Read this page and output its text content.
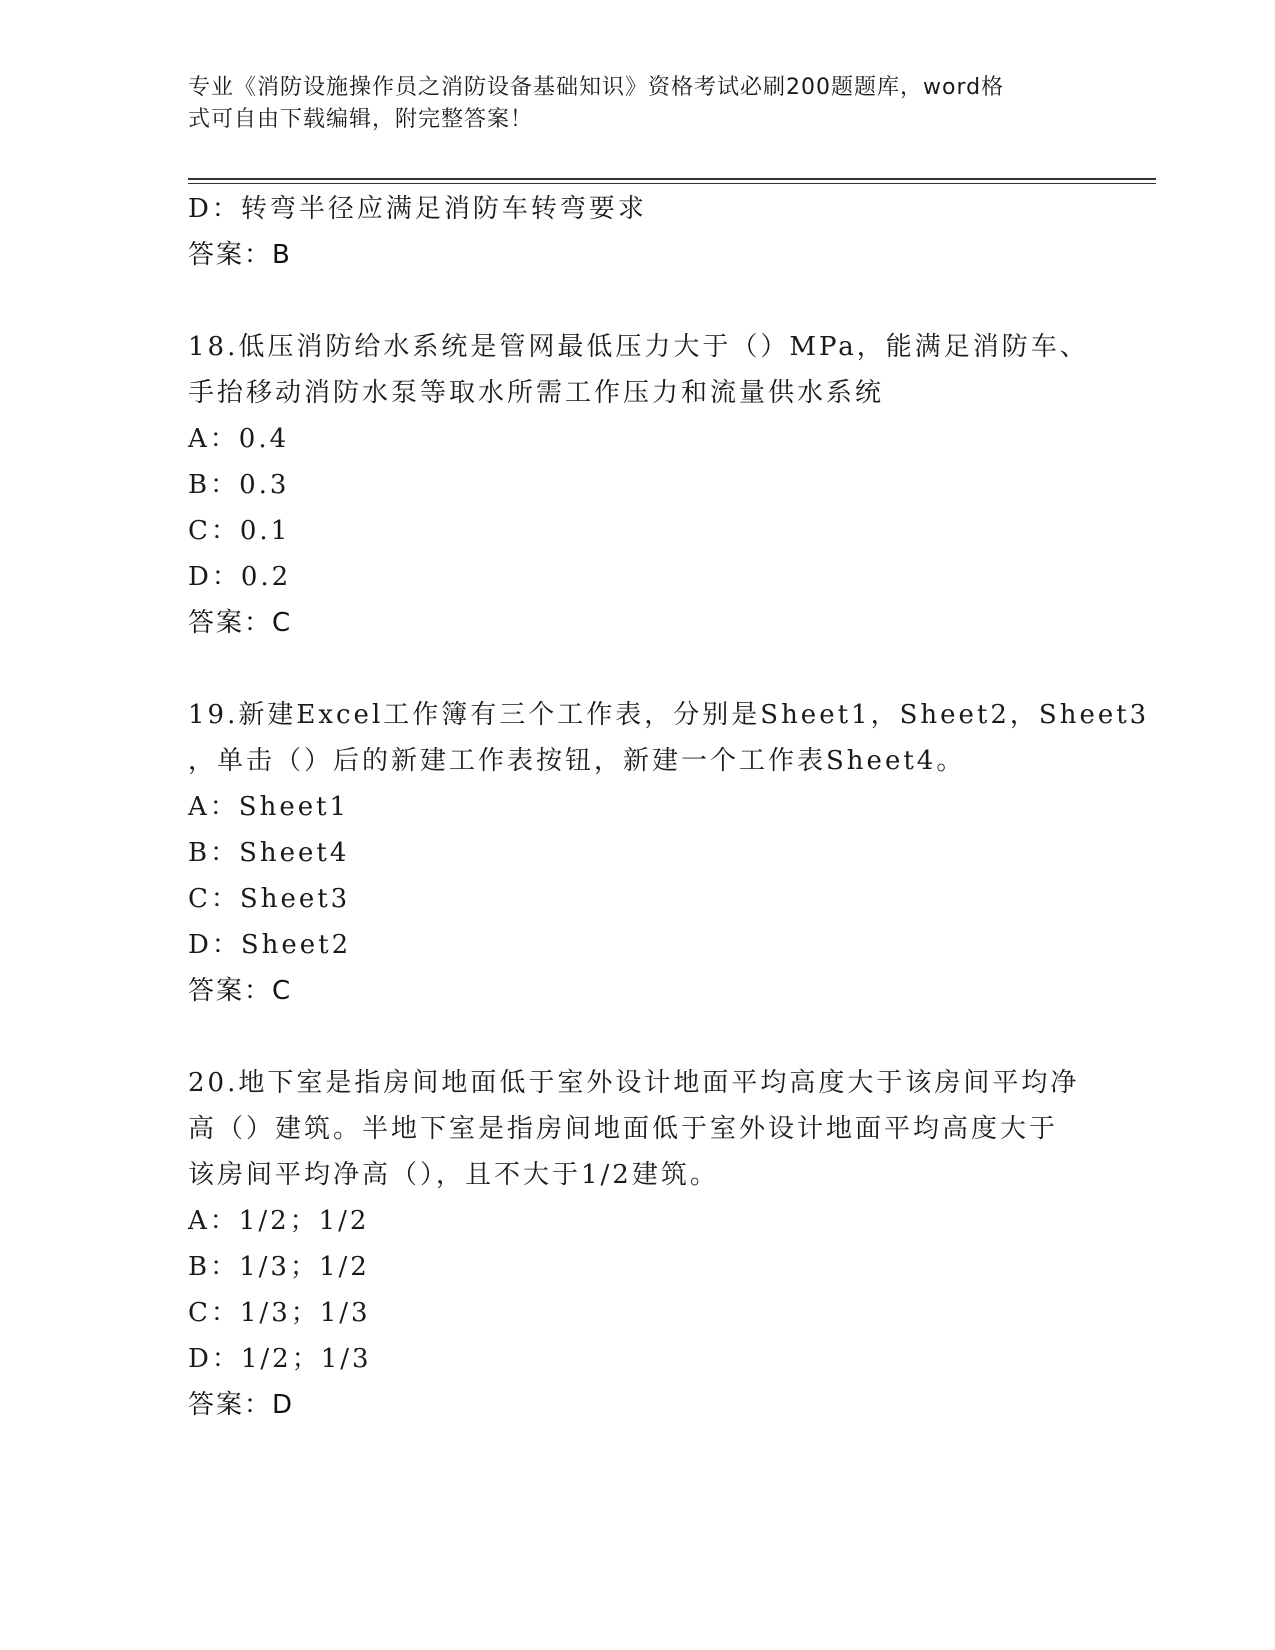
专业《消防设施操作员之消防设备基础知识》资格考试必刷200题题库，word格
式可自由下载编辑，附完整答案！
D：转弯半径应满足消防车转弯要求
答案：B
18.低压消防给水系统是管网最低压力大于（）MPa，能满足消防车、
手抬移动消防水泵等取水所需工作压力和流量供水系统
A：0.4
B：0.3
C：0.1
D：0.2
答案：C
19.新建Excel工作簿有三个工作表，分别是Sheet1，Sheet2，Sheet3
，单击（）后的新建工作表按钮，新建一个工作表Sheet4。
A：Sheet1
B：Sheet4
C：Sheet3
D：Sheet2
答案：C
20.地下室是指房间地面低于室外设计地面平均高度大于该房间平均净
高（）建筑。半地下室是指房间地面低于室外设计地面平均高度大于
该房间平均净高（），且不大于1/2建筑。
A：1/2；1/2
B：1/3；1/2
C：1/3；1/3
D：1/2；1/3
答案：D
